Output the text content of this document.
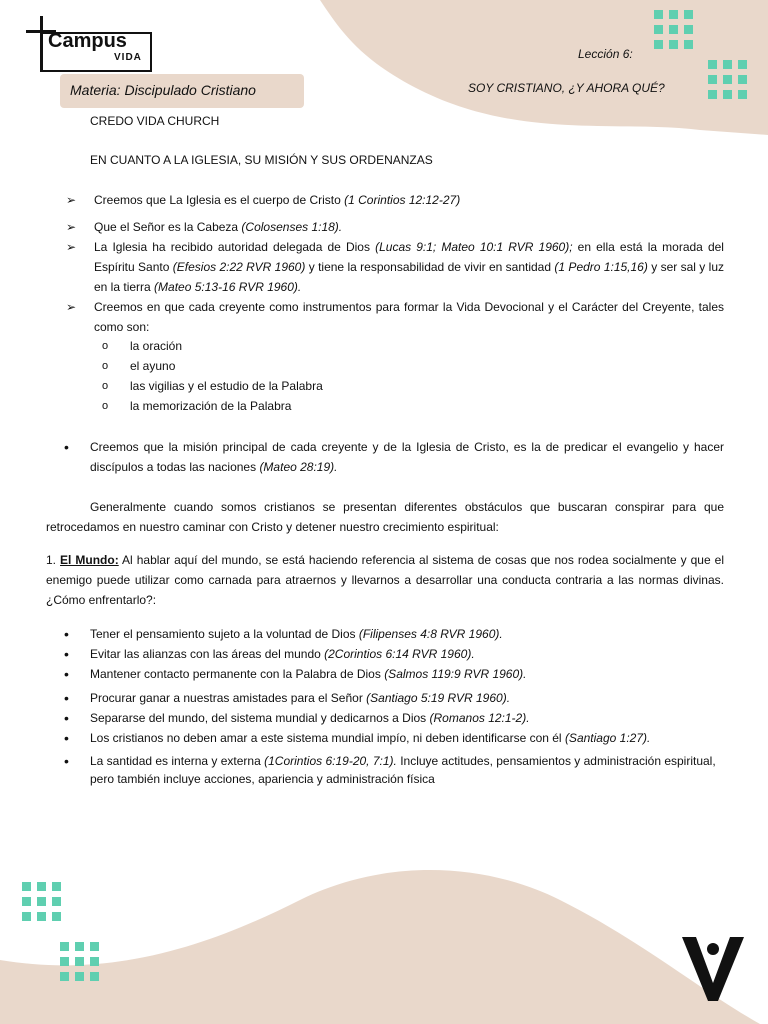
Campus
VIDA
Materia: Discipulado Cristiano
Lección 6:
SOY CRISTIANO, ¿Y AHORA QUÉ?
CREDO VIDA CHURCH
EN CUANTO A LA IGLESIA, SU MISIÓN Y SUS ORDENANZAS
➢ Creemos que La Iglesia es el cuerpo de Cristo (1 Corintios 12:12-27)
➢ Que el Señor es la Cabeza (Colosenses 1:18).
➢ La Iglesia ha recibido autoridad delegada de Dios (Lucas 9:1; Mateo 10:1 RVR 1960); en ella está la morada del Espíritu Santo (Efesios 2:22 RVR 1960) y tiene la responsabilidad de vivir en santidad (1 Pedro 1:15,16) y ser sal y luz en la tierra (Mateo 5:13-16 RVR 1960).
➢ Creemos en que cada creyente como instrumentos para formar la Vida Devocional y el Carácter del Creyente, tales como son:
o la oración
o el ayuno
o las vigilias y el estudio de la Palabra
o la memorización de la Palabra
• Creemos que la misión principal de cada creyente y de la Iglesia de Cristo, es la de predicar el evangelio y hacer discípulos a todas las naciones (Mateo 28:19).
Generalmente cuando somos cristianos se presentan diferentes obstáculos que buscaran conspirar para que retrocedamos en nuestro caminar con Cristo y detener nuestro crecimiento espiritual:
1. El Mundo: Al hablar aquí del mundo, se está haciendo referencia al sistema de cosas que nos rodea socialmente y que el enemigo puede utilizar como carnada para atraernos y llevarnos a desarrollar una conducta contraria a las normas divinas. ¿Cómo enfrentarlo?:
• Tener el pensamiento sujeto a la voluntad de Dios (Filipenses 4:8 RVR 1960).
• Evitar las alianzas con las áreas del mundo (2Corintios 6:14 RVR 1960).
• Mantener contacto permanente con la Palabra de Dios (Salmos 119:9 RVR 1960).
• Procurar ganar a nuestras amistades para el Señor (Santiago 5:19 RVR 1960).
• Separarse del mundo, del sistema mundial y dedicarnos a Dios (Romanos 12:1-2).
• Los cristianos no deben amar a este sistema mundial impío, ni deben identificarse con él (Santiago 1:27).
• La santidad es interna y externa (1Corintios 6:19-20, 7:1). Incluye actitudes, pensamientos y administración espiritual, pero también incluye acciones, apariencia y administración física
